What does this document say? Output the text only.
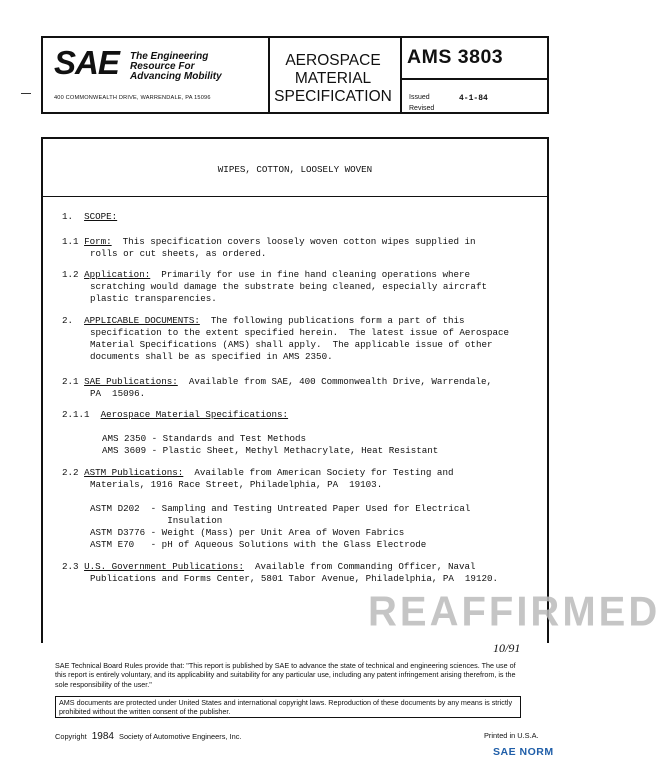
SAE The Engineering
Resource For
Advancing Mobility
400 COMMONWEALTH DRIVE, WARRENDALE, PA 15096
AEROSPACE
MATERIAL
SPECIFICATION
AMS 3803
Issued
Revised
4-1-84
WIPES, COTTON, LOOSELY WOVEN
1. SCOPE:
1.1 Form: This specification covers loosely woven cotton wipes supplied in
rolls or cut sheets, as ordered.
1.2 Application: Primarily for use in fine hand cleaning operations where
scratching would damage the substrate being cleaned, especially aircraft
plastic transparencies.
2. APPLICABLE DOCUMENTS: The following publications form a part of this
specification to the extent specified herein.  The latest issue of Aerospace
Material Specifications (AMS) shall apply.  The applicable issue of other
documents shall be as specified in AMS 2350.
2.1 SAE Publications: Available from SAE, 400 Commonwealth Drive, Warrendale,
PA  15096.
2.1.1 Aerospace Material Specifications:
AMS 2350 - Standards and Test Methods
AMS 3609 - Plastic Sheet, Methyl Methacrylate, Heat Resistant
2.2 ASTM Publications: Available from American Society for Testing and
Materials, 1916 Race Street, Philadelphia, PA  19103.
ASTM D202  - Sampling and Testing Untreated Paper Used for Electrical
Insulation
ASTM D3776 - Weight (Mass) per Unit Area of Woven Fabrics
ASTM E70   - pH of Aqueous Solutions with the Glass Electrode
2.3 U.S. Government Publications: Available from Commanding Officer, Naval
Publications and Forms Center, 5801 Tabor Avenue, Philadelphia, PA  19120.
REAFFIRMED
10/91
SAE Technical Board Rules provide that: "This report is published by SAE to advance the state of technical and engineering sciences. The use of this report is entirely voluntary, and its applicability and suitability for any particular use, including any patent infringement arising therefrom, is the sole responsibility of the user."
AMS documents are protected under United States and international copyright laws. Reproduction of these documents by any means is strictly prohibited without the written consent of the publisher.
Copyright 1984 Society of Automotive Engineers, Inc.	Printed in U.S.A.
SAE NORM
